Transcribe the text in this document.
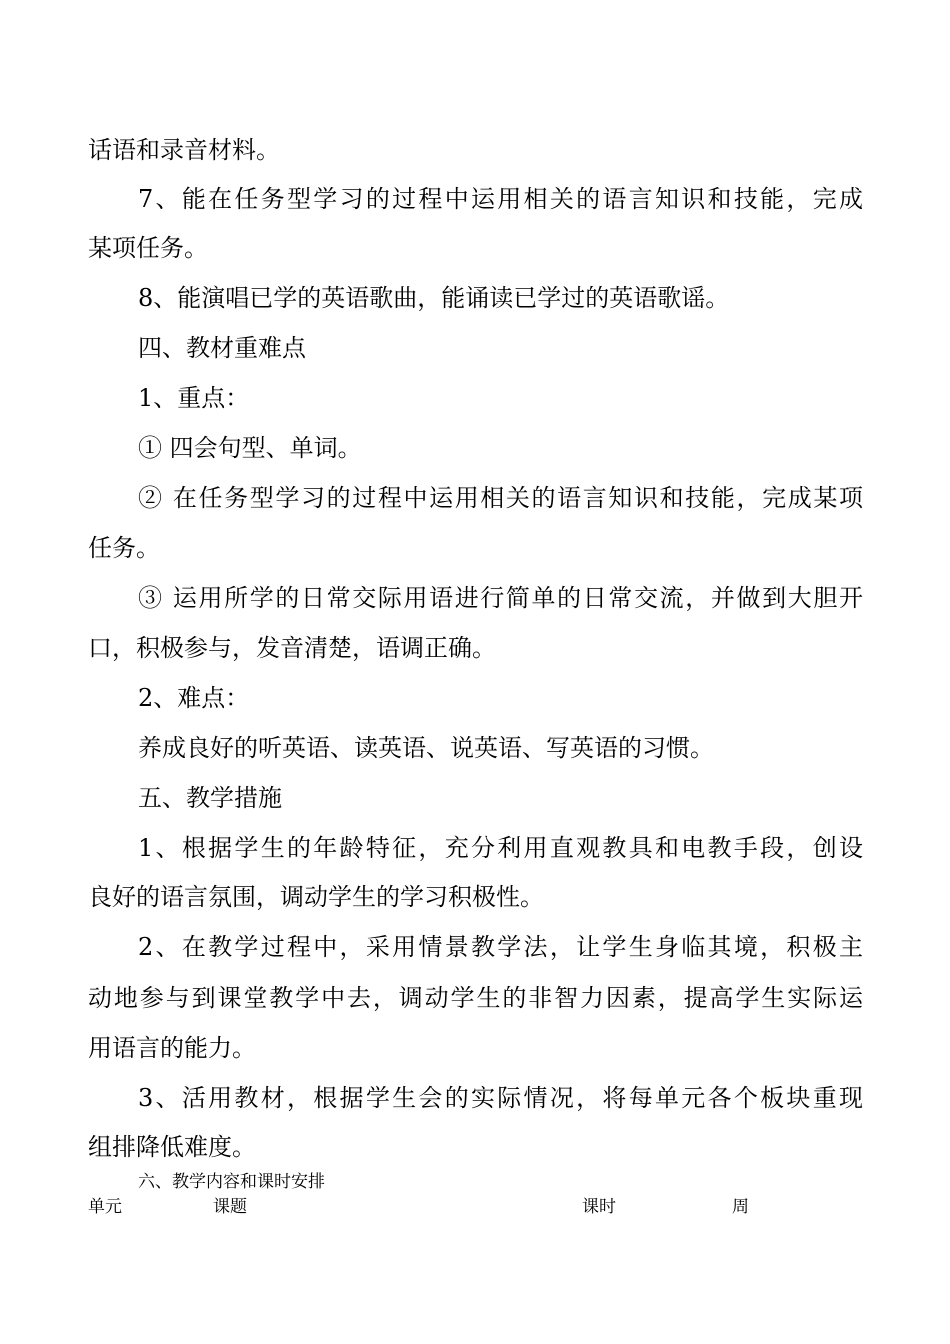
话语和录音材料。
7、能在任务型学习的过程中运用相关的语言知识和技能，完成
某项任务。
8、能演唱已学的英语歌曲，能诵读已学过的英语歌谣。
四、教材重难点
1、重点：
① 四会句型、单词。
② 在任务型学习的过程中运用相关的语言知识和技能，完成某项
任务。
③ 运用所学的日常交际用语进行简单的日常交流，并做到大胆开
口，积极参与，发音清楚，语调正确。
2、难点：
养成良好的听英语、读英语、说英语、写英语的习惯。
五、教学措施
1、根据学生的年龄特征，充分利用直观教具和电教手段，创设
良好的语言氛围，调动学生的学习积极性。
2、在教学过程中，采用情景教学法，让学生身临其境，积极主
动地参与到课堂教学中去，调动学生的非智力因素，提高学生实际运
用语言的能力。
3、活用教材，根据学生会的实际情况，将每单元各个板块重现
组排降低难度。
六、教学内容和课时安排
单元	课题	课时	周
